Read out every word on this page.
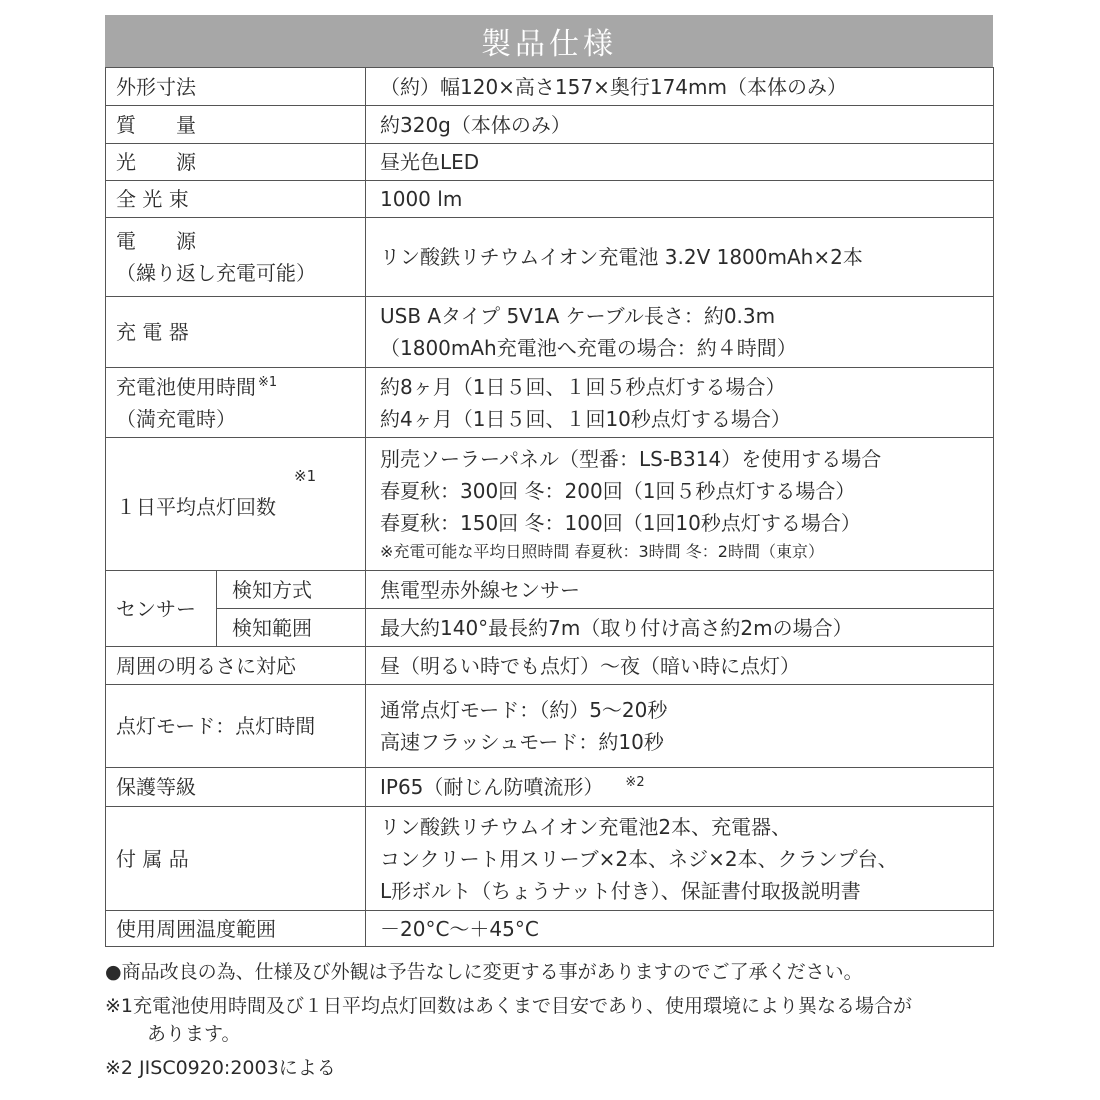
製品仕様
外形寸法		（約）幅120×高さ157×奥行174mm（本体のみ）
質　　量		約320g（本体のみ）
光　　源		昼光色LED
全 光 束		1000 lm

電　　源
（繰り返し充電可能）		リン酸鉄リチウムイオン充電池 3.2V 1800mAh×2本
充 電 器		USB Aタイプ 5V1A ケーブル長さ：約0.3m
（1800mAh充電池へ充電の場合：約４時間）

充電池使用時間 $^{※1}$
（満充電時）		約8ヶ月（1日５回、１回５秒点灯する場合）
約4ヶ月（1日５回、１回10秒点灯する場合）

※1
１日平均点灯回数		別売ソーラーパネル（型番：LS-B314）を使用する場合
春夏秋：300回 冬：200回（1回５秒点灯する場合）
春夏秋：150回 冬：100回（1回10秒点灯する場合）
※充電可能な平均日照時間 春夏秋：3時間 冬：2時間（東京）

センサー	検知方式	焦電型赤外線センサー
	検知範囲	最大約140°最長約7m（取り付け高さ約2mの場合）
周囲の明るさに対応		昼（明るい時でも点灯）〜夜（暗い時に点灯）
点灯モード：点灯時間		通常点灯モード：（約）5〜20秒
高速フラッシュモード：約10秒

保護等級		IP65（耐じん防噴流形） $^{※2}$
付 属 品		リン酸鉄リチウムイオン充電池2本、充電器、
コンクリート用スリーブ×2本、ネジ×2本、クランプ台、
L形ボルト（ちょうナット付き）、保証書付取扱説明書

使用周囲温度範囲		－20°C〜＋45°C

●商品改良の為、仕様及び外観は予告なしに変更する事がありますのでご了承ください。

※1充電池使用時間及び１日平均点灯回数はあくまで目安であり、使用環境により異なる場合が

あります。

※2 JISC0920:2003による
